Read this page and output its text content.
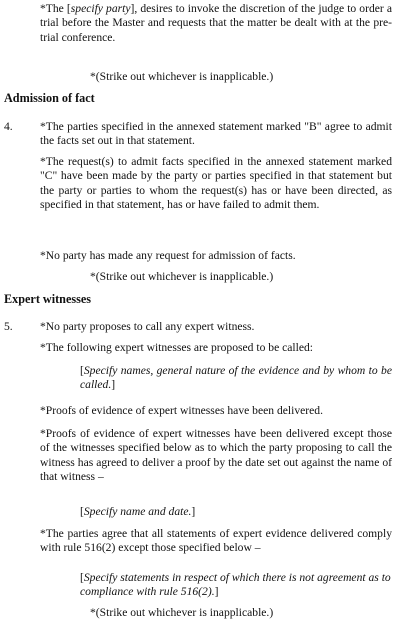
*The [specify party], desires to invoke the discretion of the judge to order a trial before the Master and requests that the matter be dealt with at the pre-trial conference.

*(Strike out whichever is inapplicable.)

Admission of fact

4. *The parties specified in the annexed statement marked "B" agree to admit the facts set out in that statement.

*The request(s) to admit facts specified in the annexed statement marked "C" have been made by the party or parties specified in that statement but the party or parties to whom the request(s) has or have been directed, as specified in that statement, has or have failed to admit them.

*No party has made any request for admission of facts.

*(Strike out whichever is inapplicable.)

Expert witnesses

5. *No party proposes to call any expert witness.

*The following expert witnesses are proposed to be called:

[Specify names, general nature of the evidence and by whom to be called.]

*Proofs of evidence of expert witnesses have been delivered.

*Proofs of evidence of expert witnesses have been delivered except those of the witnesses specified below as to which the party proposing to call the witness has agreed to deliver a proof by the date set out against the name of that witness –

[Specify name and date.]

*The parties agree that all statements of expert evidence delivered comply with rule 516(2) except those specified below –

[Specify statements in respect of which there is not agreement as to compliance with rule 516(2).]

*(Strike out whichever is inapplicable.)
